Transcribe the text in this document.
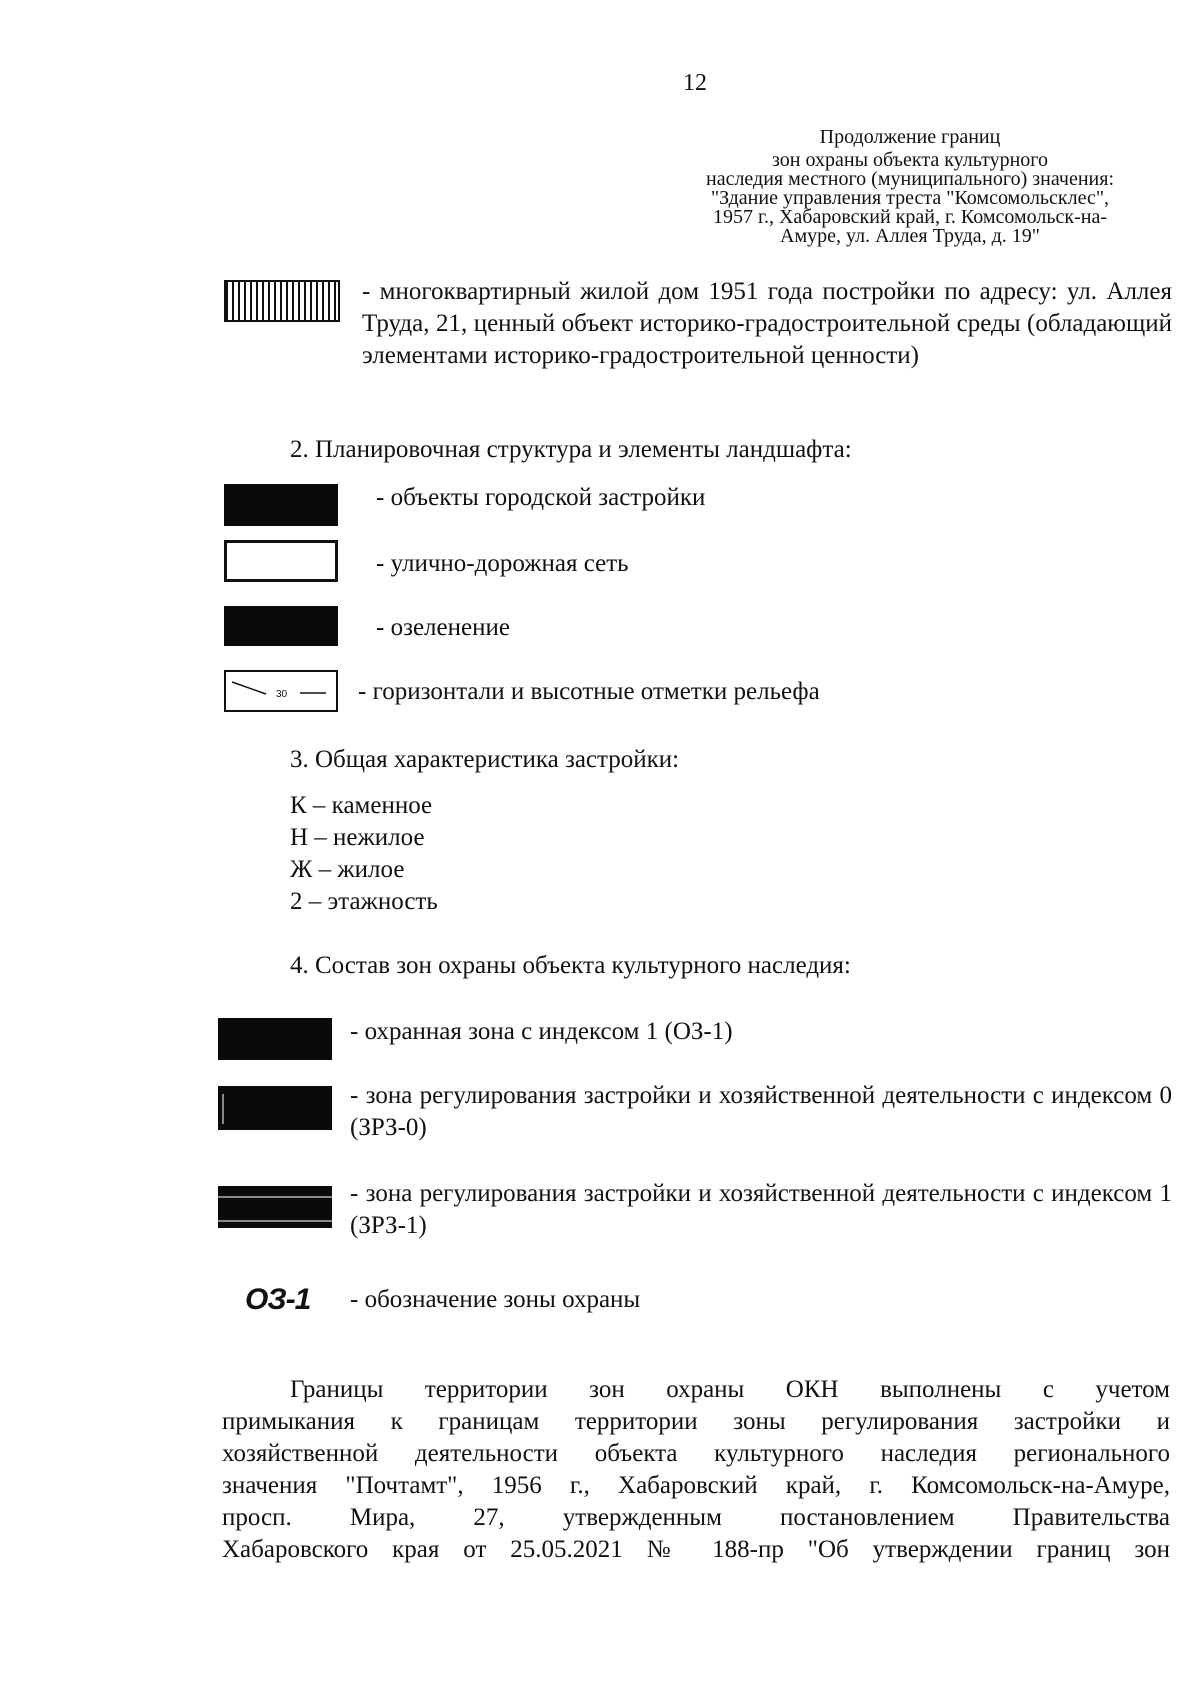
12
Продолжение границ
зон охраны объекта культурного
наследия местного (муниципального) значения:
"Здание управления треста "Комсомольсклес",
1957 г., Хабаровский край, г. Комсомольск-на-
Амуре, ул. Аллея Труда, д. 19"
- многоквартирный жилой дом 1951 года постройки по адресу: ул. Аллея Труда, 21, ценный объект историко-градостроительной среды (обладающий элементами историко-градостроительной ценности)
2. Планировочная структура и элементы ландшафта:
- объекты городской застройки
- улично-дорожная сеть
- озеленение
30	- горизонтали и высотные отметки рельефа
3. Общая характеристика застройки:
К – каменное
Н – нежилое
Ж – жилое
2 – этажность
4. Состав зон охраны объекта культурного наследия:
- охранная зона с индексом 1 (ОЗ-1)
- зона регулирования застройки и хозяйственной деятельности с индексом 0 (ЗРЗ-0)
- зона регулирования застройки и хозяйственной деятельности с индексом 1 (ЗРЗ-1)
ОЗ-1 - обозначение зоны охраны
Границы территории зон охраны ОКН выполнены с учетом
примыкания к границам территории зоны регулирования застройки и
хозяйственной деятельности объекта культурного наследия регионального
значения "Почтамт", 1956 г., Хабаровский край, г. Комсомольск-на-Амуре,
просп. Мира, 27, утвержденным постановлением Правительства
Хабаровского края от 25.05.2021 № 188-пр "Об утверждении границ зон
